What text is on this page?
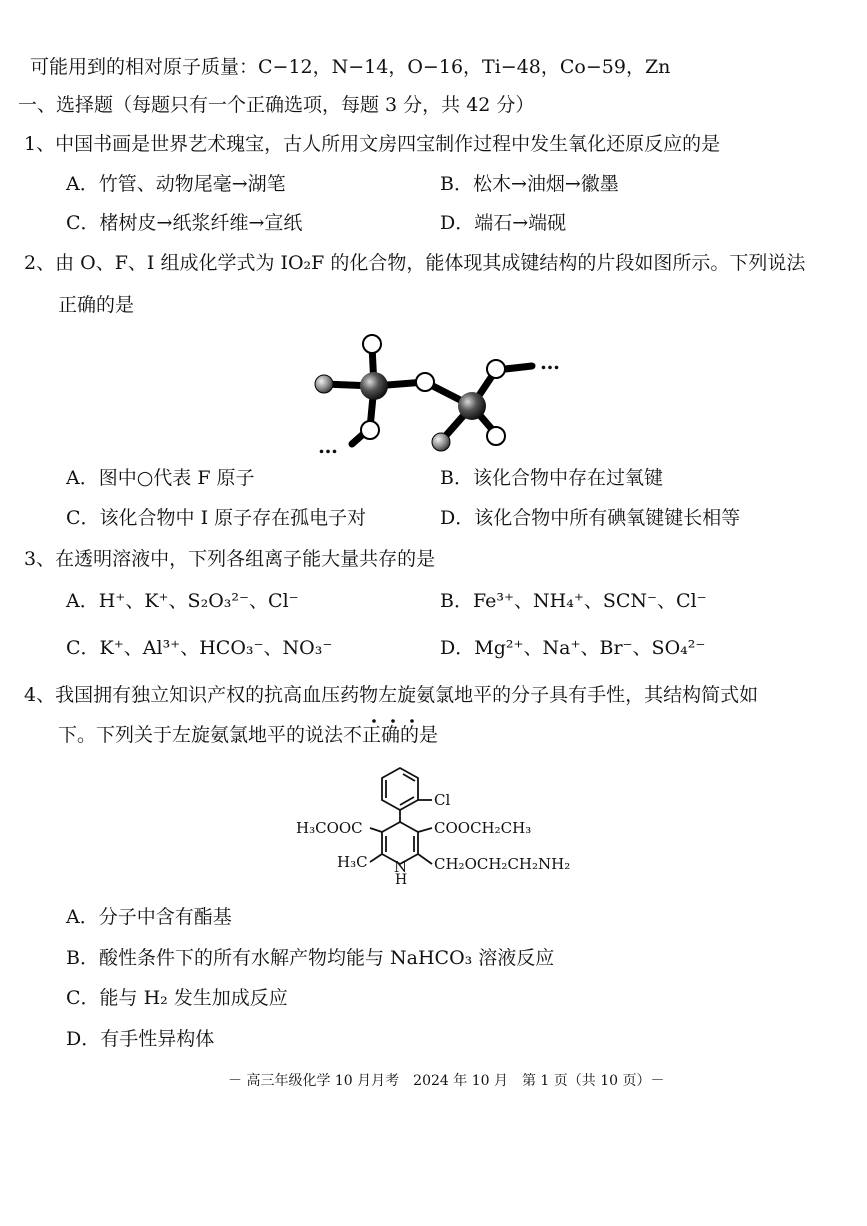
可能用到的相对原子质量：C−12，N−14，O−16，Ti−48，Co−59，Zn
一、选择题（每题只有一个正确选项，每题 3 分，共 42 分）
1、中国书画是世界艺术瑰宝，古人所用文房四宝制作过程中发生氧化还原反应的是
A．竹管、动物尾毫→湖笔	B．松木→油烟→徽墨
C．楮树皮→纸浆纤维→宣纸	D．端石→端砚
2、由 O、F、I 组成化学式为 IO₂F 的化合物，能体现其成键结构的片段如图所示。下列说法
正确的是
…
…
A．图中○代表 F 原子	B．该化合物中存在过氧键
C．该化合物中 I 原子存在孤电子对	D．该化合物中所有碘氧键键长相等
3、在透明溶液中，下列各组离子能大量共存的是
A．H⁺、K⁺、S₂O₃²⁻、Cl⁻	B．Fe³⁺、NH₄⁺、SCN⁻、Cl⁻
C．K⁺、Al³⁺、HCO₃⁻、NO₃⁻	D．Mg²⁺、Na⁺、Br⁻、SO₄²⁻
4、我国拥有独立知识产权的抗高血压药物左旋氨氯地平的分子具有手性，其结构简式如
下。下列关于左旋氨氯地平的说法不正确的是
Cl
H₃COOC	COOCH₂CH₃
H₃C N
H
CH₂OCH₂CH₂NH₂
A．分子中含有酯基
B．酸性条件下的所有水解产物均能与 NaHCO₃ 溶液反应
C．能与 H₂ 发生加成反应
D．有手性异构体
－ 高三年级化学 10 月月考　2024 年 10 月　第 1 页（共 10 页）－
